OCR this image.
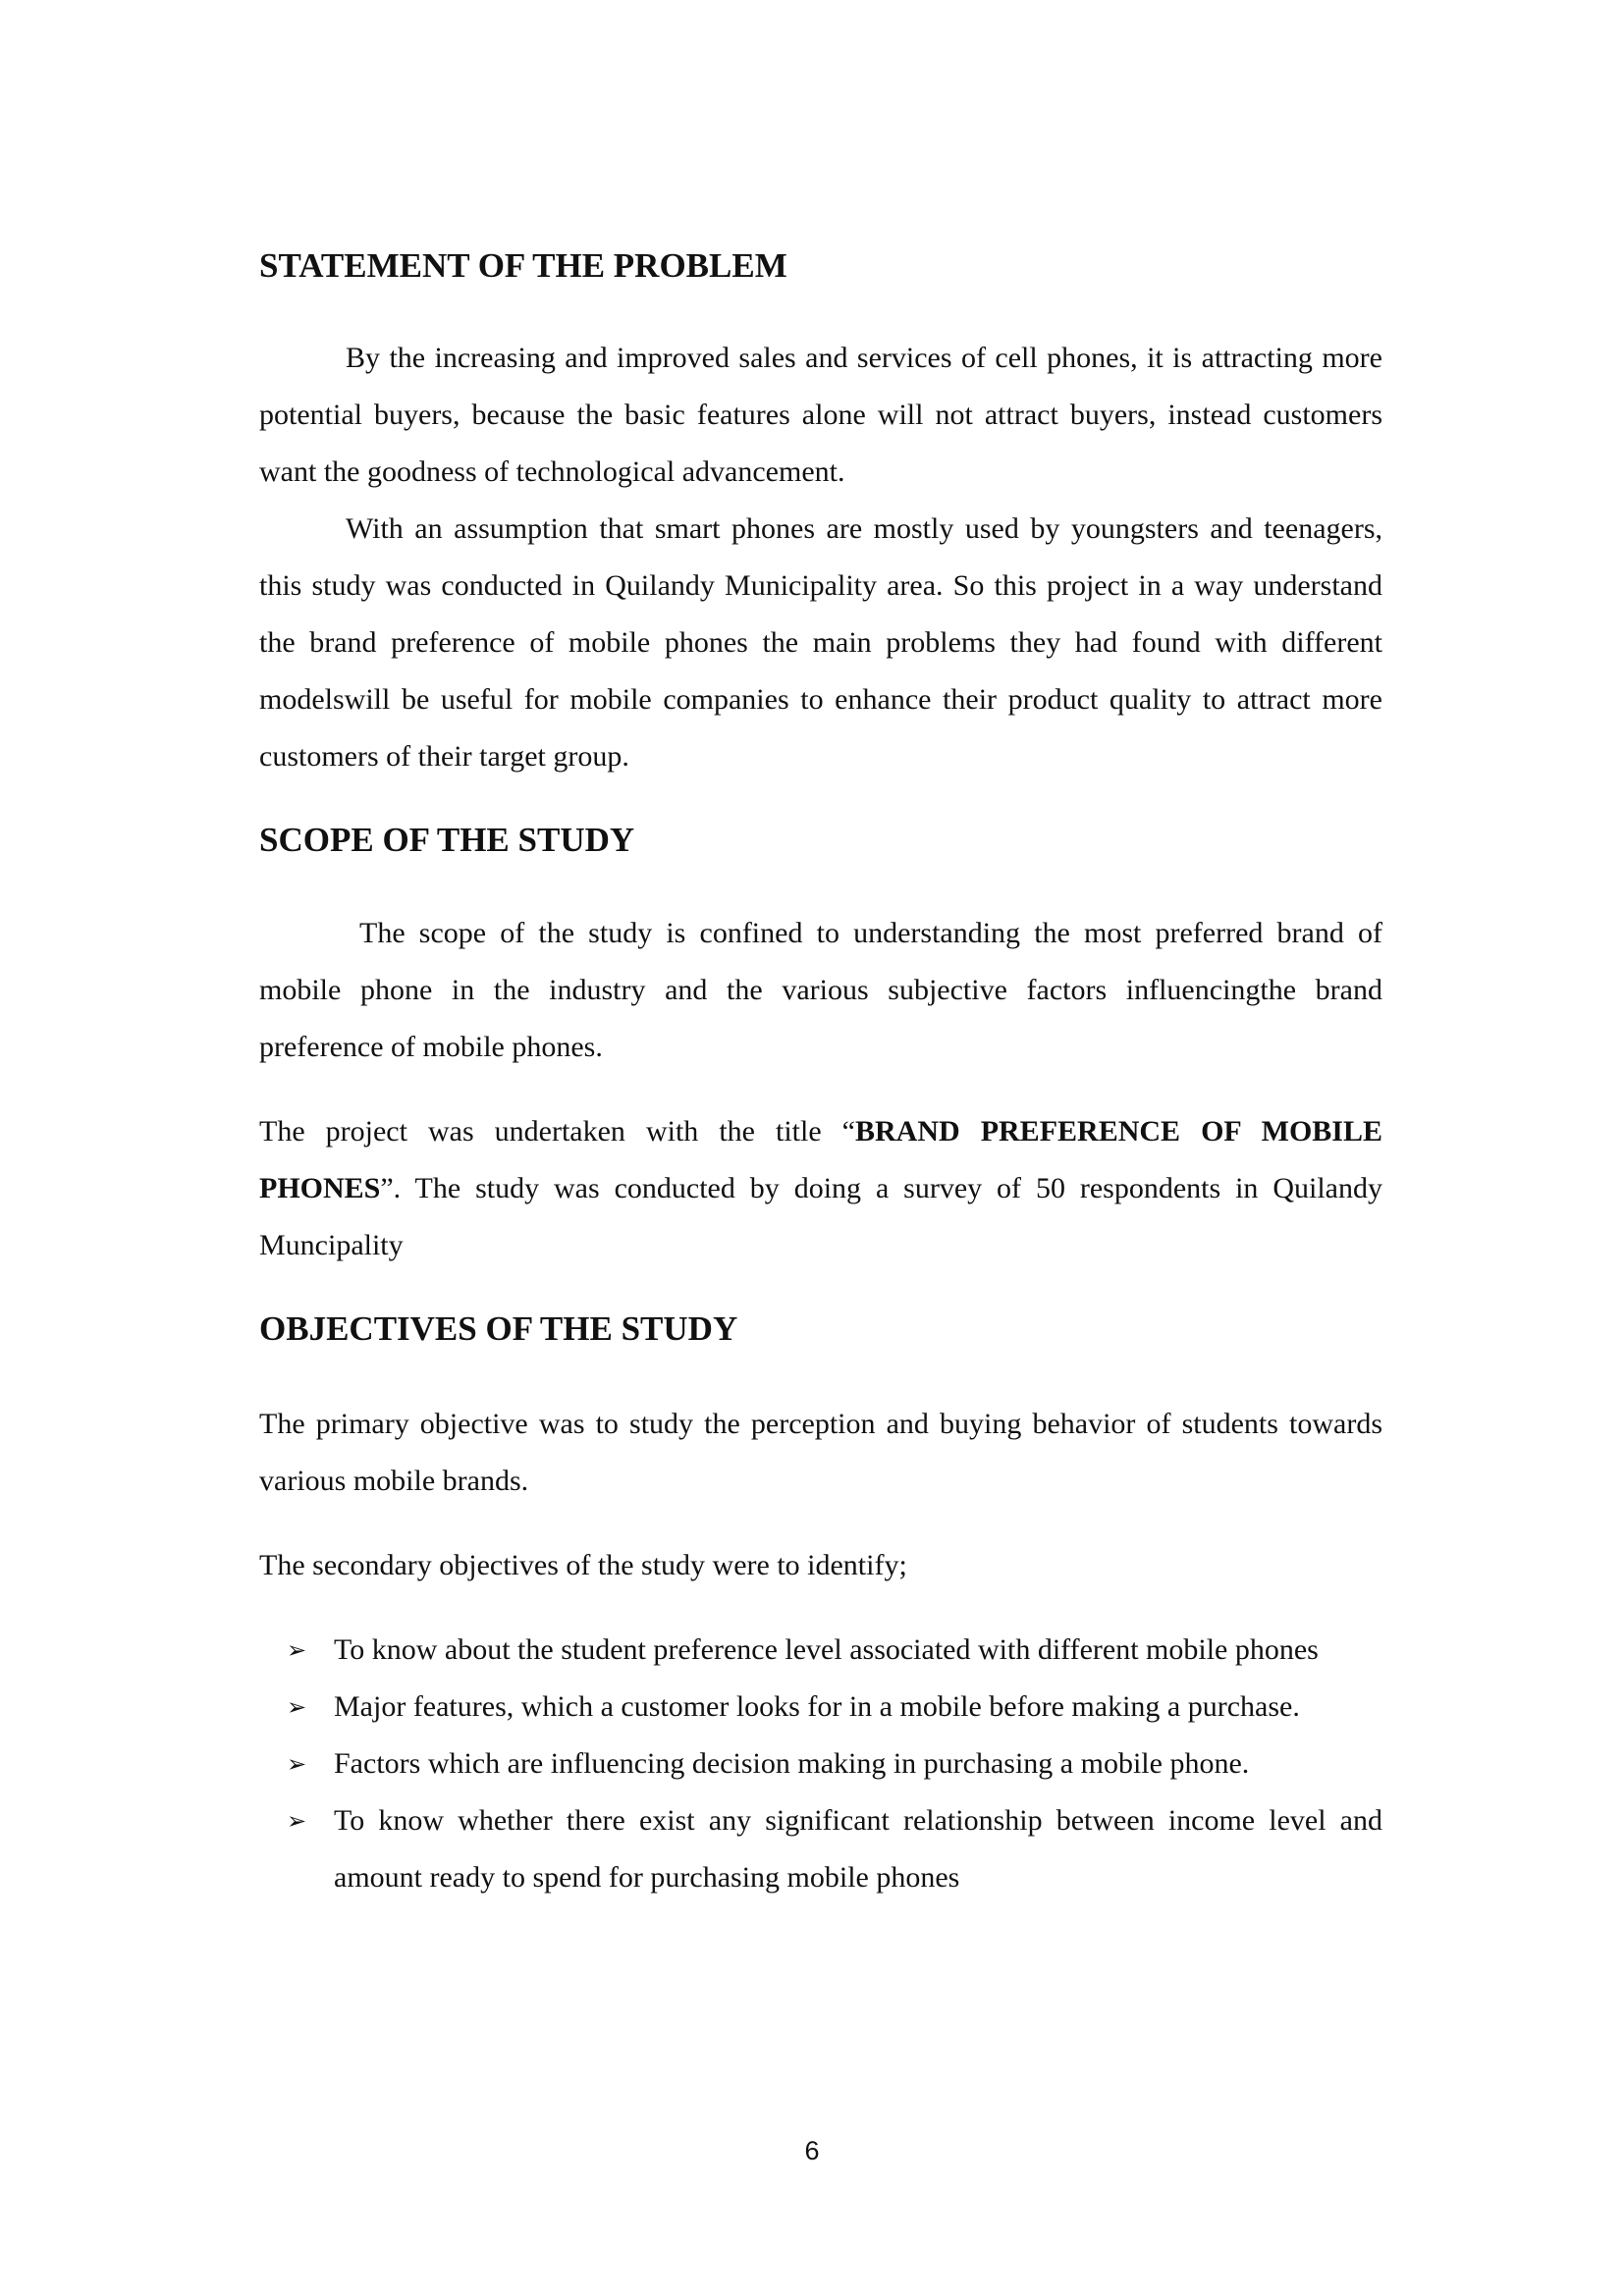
STATEMENT OF THE PROBLEM

By the increasing and improved sales and services of cell phones, it is attracting more potential buyers, because the basic features alone will not attract buyers, instead customers want the goodness of technological advancement.

With an assumption that smart phones are mostly used by youngsters and teenagers, this study was conducted in Quilandy Municipality area. So this project in a way understand the brand preference of mobile phones the main problems they had found with different modelswill be useful for mobile companies to enhance their product quality to attract more customers of their target group.

SCOPE OF THE STUDY

The scope of the study is confined to understanding the most preferred brand of mobile phone in the industry and the various subjective factors influencingthe brand preference of mobile phones.

The project was undertaken with the title “BRAND PREFERENCE OF MOBILE PHONES”. The study was conducted by doing a survey of 50 respondents in Quilandy Muncipality

OBJECTIVES OF THE STUDY

The primary objective was to study the perception and buying behavior of students towards various mobile brands.

The secondary objectives of the study were to identify;

➢ To know about the student preference level associated with different mobile phones
➢ Major features, which a customer looks for in a mobile before making a purchase.
➢ Factors which are influencing decision making in purchasing a mobile phone.
➢ To know whether there exist any significant relationship between income level and amount ready to spend for purchasing mobile phones
6
